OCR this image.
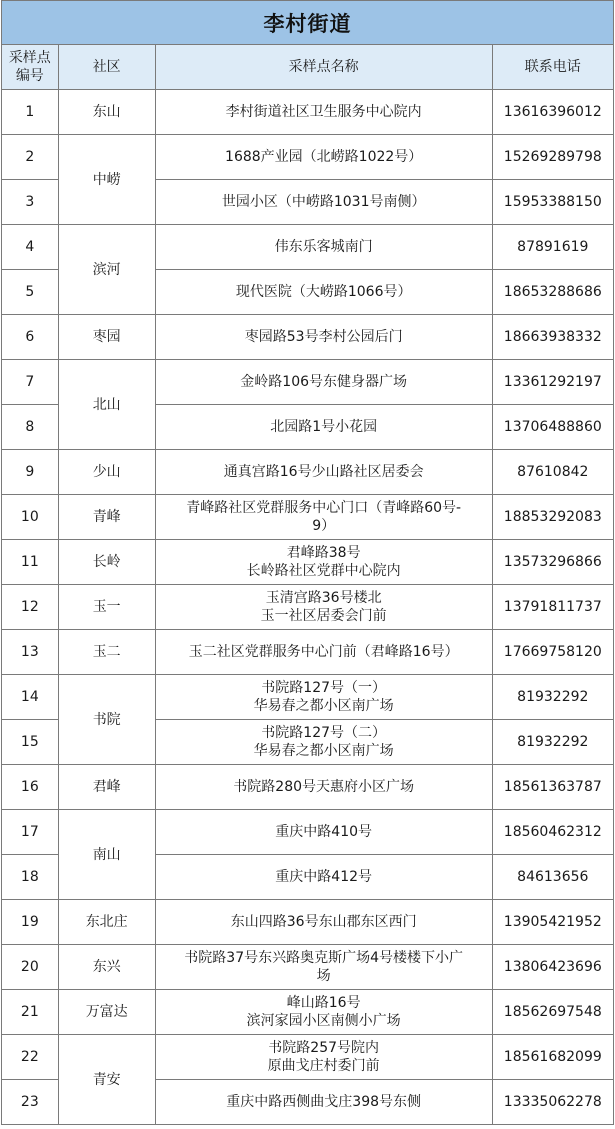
李村街道
采样点编号	社区	采样点名称	联系电话
1	东山	李村街道社区卫生服务中心院内	13616396012
2	中崂	1688产业园（北崂路1022号）	15269289798
3		世园小区（中崂路1031号南侧）	15953388150
4	滨河	伟东乐客城南门	87891619
5		现代医院（大崂路1066号）	18653288686
6	枣园	枣园路53号李村公园后门	18663938332
7	北山	金岭路106号东健身器广场	13361292197
8		北园路1号小花园	13706488860
9	少山	通真宫路16号少山路社区居委会	87610842
10	青峰	青峰路社区党群服务中心门口（青峰路60号-
9）	18853292083
11	长岭	君峰路38号
长岭路社区党群中心院内	13573296866
12	玉一	玉清宫路36号楼北
玉一社区居委会门前	13791811737
13	玉二	玉二社区党群服务中心门前（君峰路16号）	17669758120
14	书院	书院路127号（一）
华易春之都小区南广场	81932292
15		书院路127号（二）
华易春之都小区南广场	81932292
16	君峰	书院路280号天惠府小区广场	18561363787
17	南山	重庆中路410号	18560462312
18		重庆中路412号	84613656
19	东北庄	东山四路36号东山郡东区西门	13905421952
20	东兴	书院路37号东兴路奥克斯广场4号楼楼下小广
场	13806423696
21	万富达	峰山路16号
滨河家园小区南侧小广场	18562697548
22	青安	书院路257号院内
原曲戈庄村委门前	18561682099
23		重庆中路西侧曲戈庄398号东侧	13335062278
